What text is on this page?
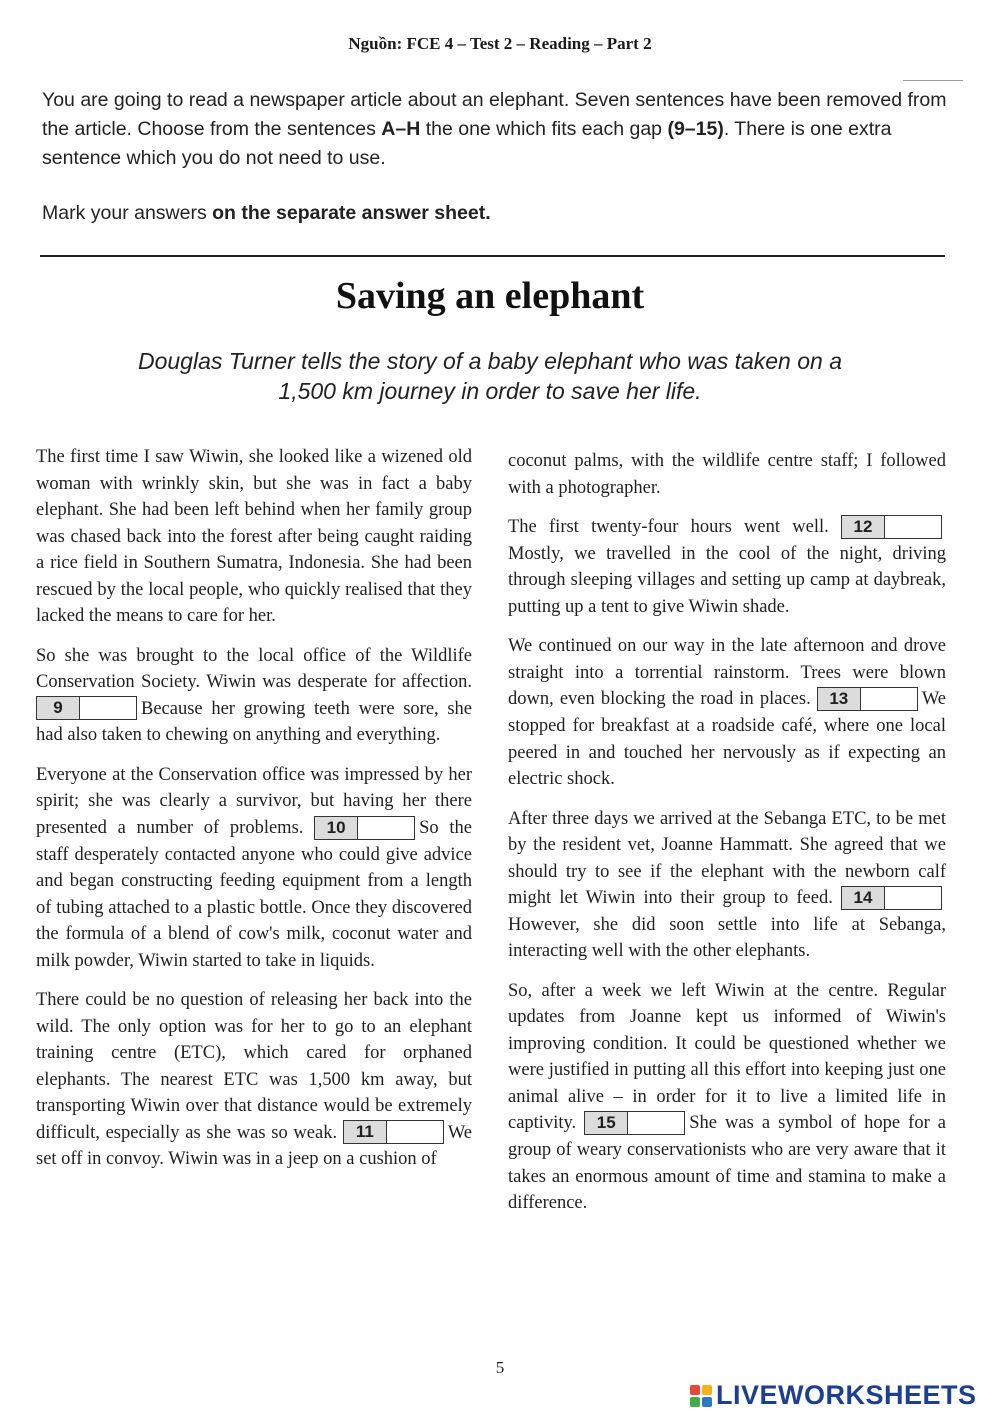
Nguồn: FCE 4 – Test 2 – Reading – Part 2

You are going to read a newspaper article about an elephant. Seven sentences have been removed from the article. Choose from the sentences A–H the one which fits each gap (9–15). There is one extra sentence which you do not need to use.

Mark your answers on the separate answer sheet.

Saving an elephant
Douglas Turner tells the story of a baby elephant who was taken on a 1,500 km journey in order to save her life.

The first time I saw Wiwin, she looked like a wizened old woman with wrinkly skin, but she was in fact a baby elephant. She had been left behind when her family group was chased back into the forest after being caught raiding a rice field in Southern Sumatra, Indonesia. She had been rescued by the local people, who quickly realised that they lacked the means to care for her.

So she was brought to the local office of the Wildlife Conservation Society. Wiwin was desperate for affection.
9	Because her growing teeth were sore, she had also taken to chewing on anything and everything.

Everyone at the Conservation office was impressed by her spirit; she was clearly a survivor, but having her there presented a number of problems.	10	So the staff desperately contacted anyone who could give advice and began constructing feeding equipment from a length of tubing attached to a plastic bottle. Once they discovered the formula of a blend of cow's milk, coconut water and milk powder, Wiwin started to take in liquids.

There could be no question of releasing her back into the wild. The only option was for her to go to an elephant training centre (ETC), which cared for orphaned elephants. The nearest ETC was 1,500 km away, but transporting Wiwin over that distance would be extremely difficult, especially as she was so weak.	11	We set off in convoy. Wiwin was in a jeep on a cushion of

coconut palms, with the wildlife centre staff; I followed with a photographer.

The first twenty-four hours went well.	12
Mostly, we travelled in the cool of the night, driving through sleeping villages and setting up camp at daybreak, putting up a tent to give Wiwin shade.

We continued on our way in the late afternoon and drove straight into a torrential rainstorm. Trees were blown down, even blocking the road in places.	13	We stopped for breakfast at a roadside café, where one local peered in and touched her nervously as if expecting an electric shock.

After three days we arrived at the Sebanga ETC, to be met by the resident vet, Joanne Hammatt. She agreed that we should try to see if the elephant with the newborn calf might let Wiwin into their group to feed.	14
However, she did soon settle into life at Sebanga, interacting well with the other elephants.

So, after a week we left Wiwin at the centre. Regular updates from Joanne kept us informed of Wiwin's improving condition. It could be questioned whether we were justified in putting all this effort into keeping just one animal alive – in order for it to live a limited life in captivity.	15	She was a symbol of hope for a group of weary conservationists who are very aware that it takes an enormous amount of time and stamina to make a difference.

5
LIVEWORKSHEETS
